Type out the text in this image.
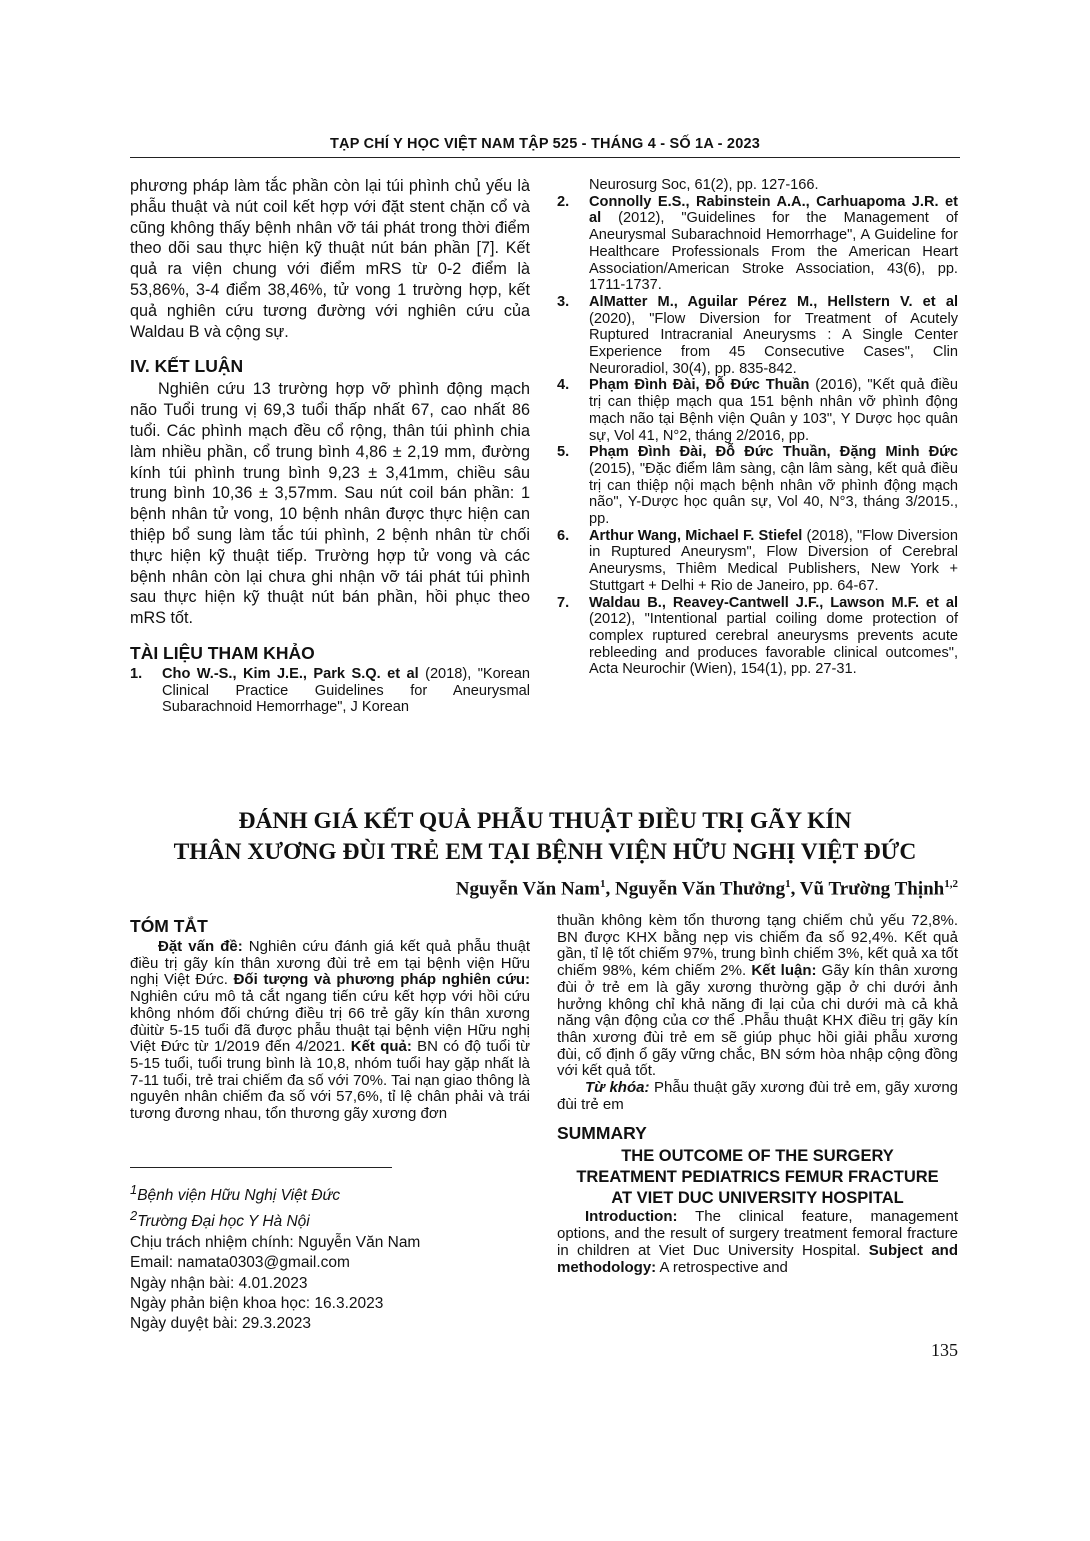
TẠP CHÍ Y HỌC VIỆT NAM TẬP 525 - THÁNG 4 - SỐ 1A - 2023

phương pháp làm tắc phần còn lại túi phình chủ yếu là phẫu thuật và nút coil kết hợp với đặt stent chặn cổ và cũng không thấy bệnh nhân vỡ tái phát trong thời điểm theo dõi sau thực hiện kỹ thuật nút bán phần [7]. Kết quả ra viện chung với điểm mRS từ 0-2 điểm là 53,86%, 3-4 điểm 38,46%, tử vong 1 trường hợp, kết quả nghiên cứu tương đường với nghiên cứu của Waldau B và cộng sự.

IV. KẾT LUẬN

Nghiên cứu 13 trường hợp vỡ phình động mạch não Tuổi trung vị 69,3 tuổi thấp nhất 67, cao nhất 86 tuổi. Các phình mạch đều cổ rộng, thân túi phình chia làm nhiều phần, cổ trung bình 4,86 ± 2,19 mm, đường kính túi phình trung bình 9,23 ± 3,41mm, chiều sâu trung bình 10,36 ± 3,57mm. Sau nút coil bán phần: 1 bệnh nhân tử vong, 10 bệnh nhân được thực hiện can thiệp bổ sung làm tắc túi phình, 2 bệnh nhân từ chối thực hiện kỹ thuật tiếp. Trường hợp tử vong và các bệnh nhân còn lại chưa ghi nhận vỡ tái phát túi phình sau thực hiện kỹ thuật nút bán phần, hồi phục theo mRS tốt.

TÀI LIỆU THAM KHẢO
1.	Cho W.-S., Kim J.E., Park S.Q. et al (2018), "Korean Clinical Practice Guidelines for Aneurysmal Subarachnoid Hemorrhage", J Korean
Neurosurg Soc, 61(2), pp. 127-166.
2.	Connolly E.S., Rabinstein A.A., Carhuapoma J.R. et al (2012), "Guidelines for the Management of Aneurysmal Subarachnoid Hemorrhage", A Guideline for Healthcare Professionals From the American Heart Association/American Stroke Association, 43(6), pp. 1711-1737.
3.	AlMatter M., Aguilar Pérez M., Hellstern V. et al (2020), "Flow Diversion for Treatment of Acutely Ruptured Intracranial Aneurysms : A Single Center Experience from 45 Consecutive Cases", Clin Neuroradiol, 30(4), pp. 835-842.
4.	Phạm Đình Đài, Đỗ Đức Thuần (2016), "Kết quả điều trị can thiệp mạch qua 151 bệnh nhân vỡ phình động mạch não tại Bệnh viện Quân y 103", Y Dược học quân sự, Vol 41, N°2, tháng 2/2016, pp.
5.	Phạm Đình Đài, Đỗ Đức Thuần, Đặng Minh Đức (2015), "Đặc điểm lâm sàng, cận lâm sàng, kết quả điều trị can thiệp nội mạch bệnh nhân vỡ phình động mạch não", Y-Dược học quân sự, Vol 40, N°3, tháng 3/2015., pp.
6.	Arthur Wang, Michael F. Stiefel (2018), "Flow Diversion in Ruptured Aneurysm", Flow Diversion of Cerebral Aneurysms, Thiêm Medical Publishers, New York + Stuttgart + Delhi + Rio de Janeiro, pp. 64-67.
7.	Waldau B., Reavey-Cantwell J.F., Lawson M.F. et al (2012), "Intentional partial coiling dome protection of complex ruptured cerebral aneurysms prevents acute rebleeding and produces favorable clinical outcomes", Acta Neurochir (Wien), 154(1), pp. 27-31.
ĐÁNH GIÁ KẾT QUẢ PHẪU THUẬT ĐIỀU TRỊ GÃY KÍN
THÂN XƯƠNG ĐÙI TRẺ EM TẠI BỆNH VIỆN HỮU NGHỊ VIỆT ĐỨC
Nguyễn Văn Nam$^1$, Nguyễn Văn Thưởng$^1$, Vũ Trường Thịnh$^{1,2}$
TÓM TẮT

Đặt vấn đề: Nghiên cứu đánh giá kết quả phẫu thuật điều trị gãy kín thân xương đùi trẻ em tại bệnh viện Hữu nghị Việt Đức. Đối tượng và phương pháp nghiên cứu: Nghiên cứu mô tả cắt ngang tiến cứu kết hợp với hồi cứu không nhóm đối chứng điều trị 66 trẻ gãy kín thân xương đùitừ 5-15 tuổi đã được phẫu thuật tại bệnh viện Hữu nghị Việt Đức từ 1/2019 đến 4/2021. Kết quả: BN có độ tuổi từ 5-15 tuổi, tuổi trung bình là 10,8, nhóm tuổi hay gặp nhất là 7-11 tuổi, trẻ trai chiếm đa số với 70%. Tai nạn giao thông là nguyên nhân chiếm đa số với 57,6%, tỉ lệ chân phải và trái tương đương nhau, tổn thương gãy xương đơn

$^1$Bệnh viện Hữu Nghị Việt Đức
$^2$Trường Đại học Y Hà Nội
Chịu trách nhiệm chính: Nguyễn Văn Nam
Email: namata0303@gmail.com
Ngày nhận bài: 4.01.2023
Ngày phản biện khoa học: 16.3.2023
Ngày duyệt bài: 29.3.2023

thuần không kèm tổn thương tạng chiếm chủ yếu 72,8%. BN được KHX bằng nẹp vis chiếm đa số 92,4%. Kết quả gần, tỉ lệ tốt chiếm 97%, trung bình chiếm 3%, kết quả xa tốt chiếm 98%, kém chiếm 2%. Kết luận: Gãy kín thân xương đùi ở trẻ em là gãy xương thường gặp ở chi dưới ảnh hưởng không chỉ khả năng đi lại của chi dưới mà cả khả năng vận động của cơ thể .Phẫu thuật KHX điều trị gãy kín thân xương đùi trẻ em sẽ giúp phục hồi giải phẫu xương đùi, cố định ổ gãy vững chắc, BN sớm hòa nhập cộng đồng với kết quả tốt.

Từ khóa: Phẫu thuật gãy xương đùi trẻ em, gãy xương đùi trẻ em

SUMMARY
THE OUTCOME OF THE SURGERY
TREATMENT PEDIATRICS FEMUR FRACTURE
AT VIET DUC UNIVERSITY HOSPITAL

Introduction: The clinical feature, management options, and the result of surgery treatment femoral fracture in children at Viet Duc University Hospital. Subject and methodology: A retrospective and

135
